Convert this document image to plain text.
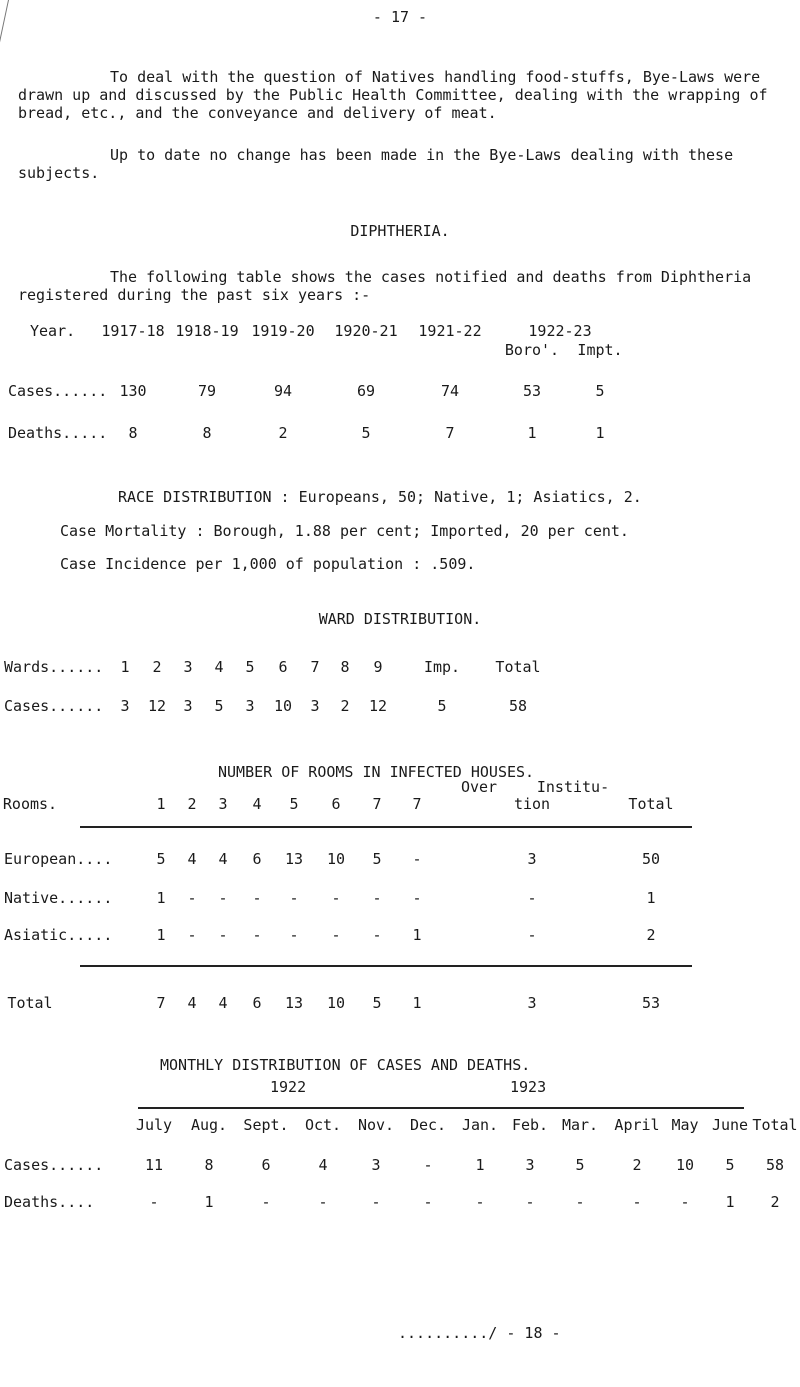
- 17 -
To deal with the question of Natives handling food-stuffs, Bye-Laws were drawn up and discussed by the Public Health Committee, dealing with the wrapping of bread, etc., and the conveyance and delivery of meat.
Up to date no change has been made in the Bye-Laws dealing with these subjects.
DIPHTHERIA.
The following table shows the cases notified and deaths from Diphtheria registered during the past six years :-
Year. 1917-18 1918-19 1919-20 1920-21 1921-22	1922-23
Boro'. Impt.
Cases...... 130	79	94	69	74	53	5
Deaths..... 8	8	2	5	7	1	1
RACE DISTRIBUTION : Europeans, 50; Native, 1; Asiatics, 2.
Case Mortality : Borough, 1.88 per cent; Imported, 20 per cent.
Case Incidence per 1,000 of population : .509.
WARD DISTRIBUTION.
Wards...... 1 2 3 4 5 6 7 8 9	Imp. Total
Cases...... 3 12 3 5 3 10 3 2 12	5	58
NUMBER OF ROOMS IN INFECTED HOUSES.
Over	Institu-
Rooms.	1 2 3 4 5 6 7 7	tion	Total
European....	5 4 4 6 13 10 5 -	3	50
Native......	1 - - - - - - -	-	1
Asiatic.....	1 - - - - - - 1	-	2
Total	7 4 4 6 13 10 5 1	3	53
MONTHLY DISTRIBUTION OF CASES AND DEATHS.
1922	1923
July Aug. Sept. Oct. Nov. Dec. Jan. Feb. Mar. April May June Total
Cases......	11	8	6	4	3	-	1	3	5	2 10 5 58
Deaths....	-	1	-	-	-	-	-	-	-	-	- 1 2
........../ - 18 -
